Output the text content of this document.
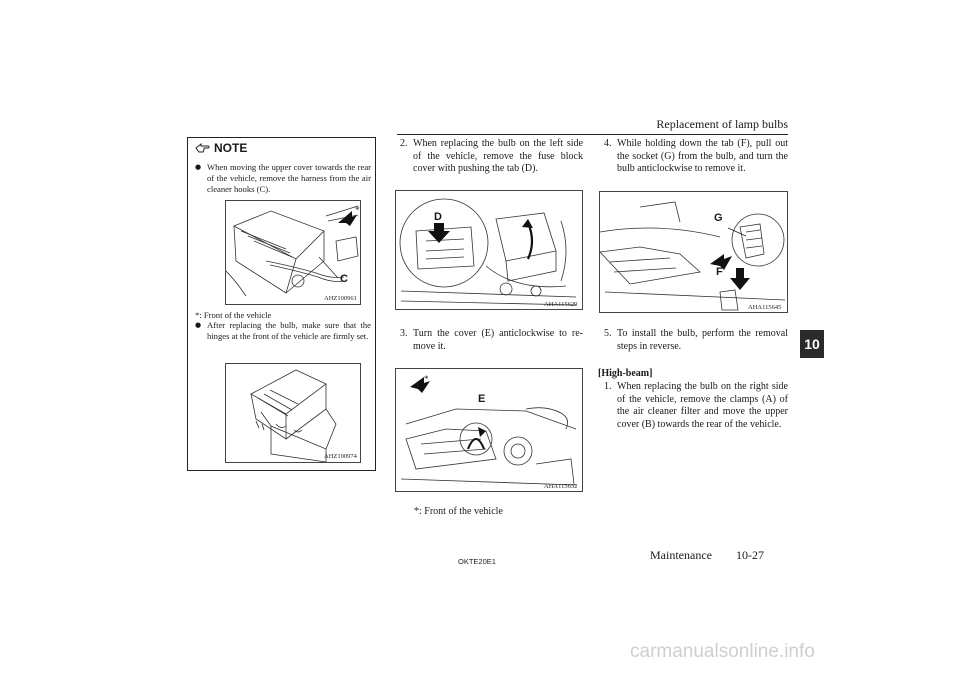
Replacement of lamp bulbs
10
NOTE
● When moving the upper cover towards the rear of the vehicle, remove the harness from the air cleaner hooks (C).
*
C
AHZ100961
*: Front of the vehicle
● After replacing the bulb, make sure that the hinges at the front of the vehicle are firmly set.
AHZ100974
2. When replacing the bulb on the left side of the vehicle, remove the fuse block cover with pushing the tab (D).
D
AHA115629
3. Turn the cover (E) anticlockwise to re-move it.
*
E
AHA115632
*: Front of the vehicle
4. While holding down the tab (F), pull out the socket (G) from the bulb, and turn the bulb anticlockwise to remove it.
G
F
AHA115645
5. To install the bulb, perform the removal steps in reverse.
[High-beam]
1. When replacing the bulb on the right side of the vehicle, remove the clamps (A) of the air cleaner filter and move the upper cover (B) towards the rear of the vehicle.
OKTE20E1	Maintenance 10-27
carmanualsonline.info
